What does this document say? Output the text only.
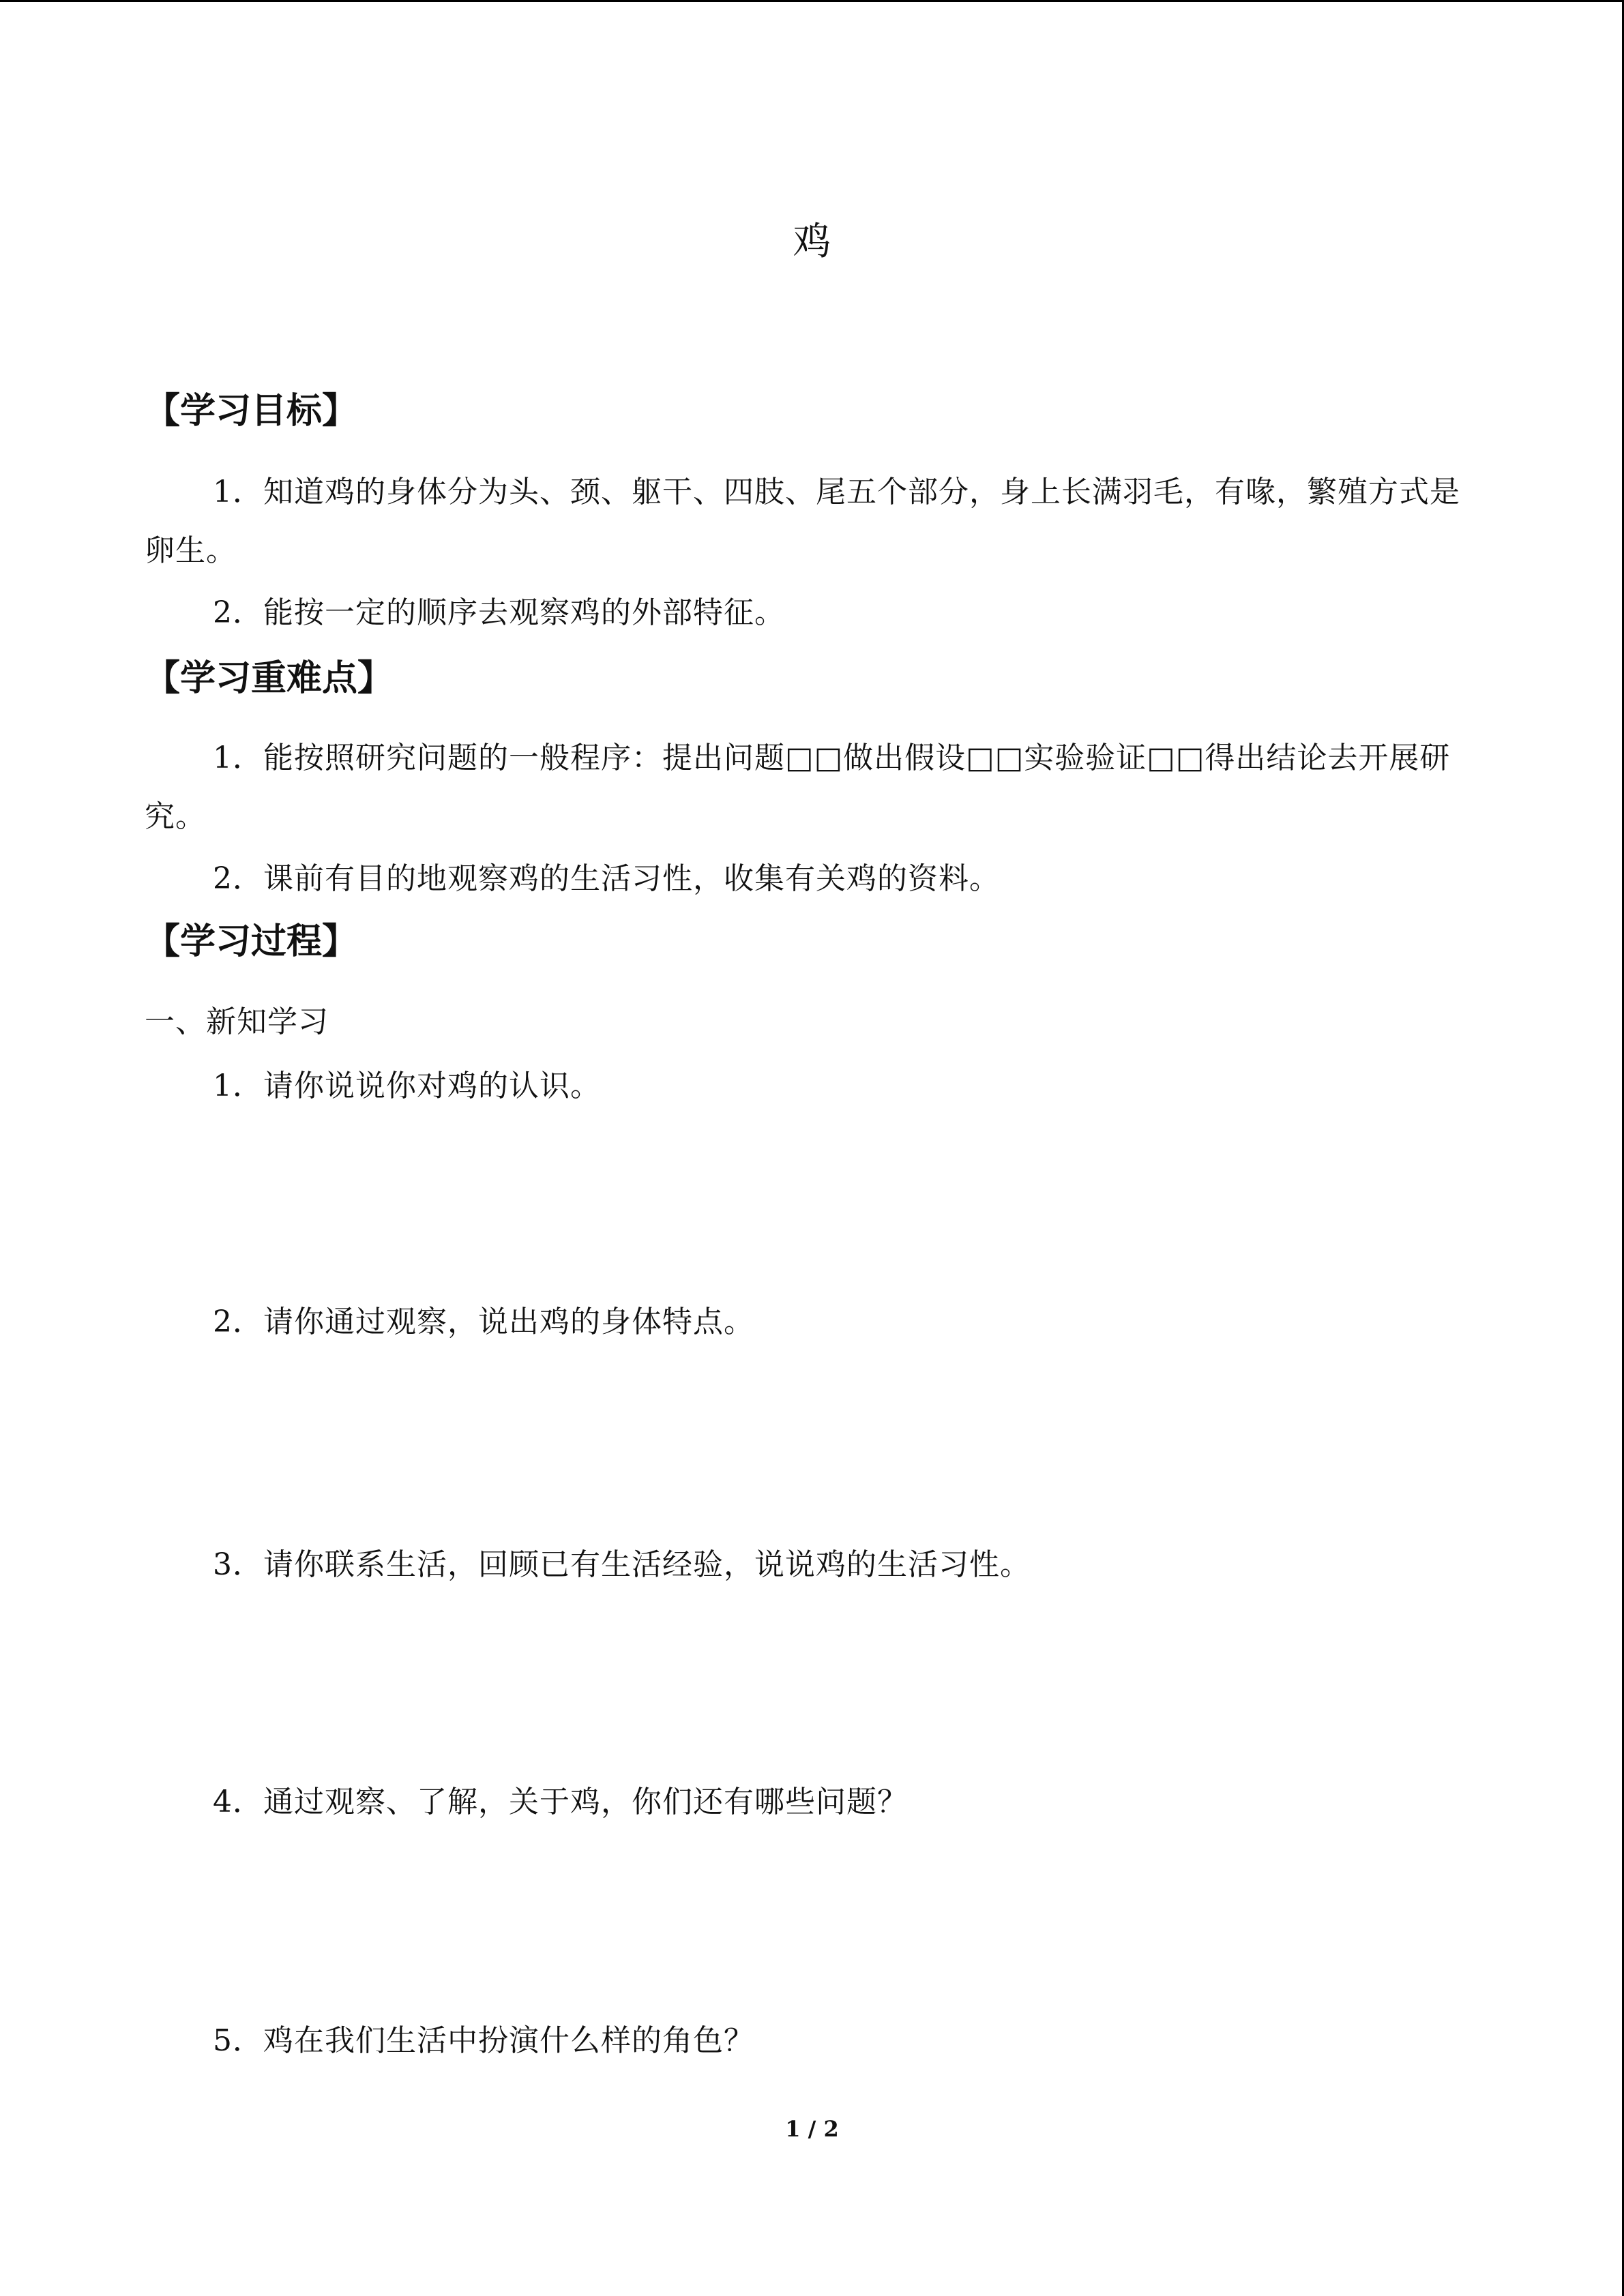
鸡
【学习目标】
1．知道鸡的身体分为头、颈、躯干、四肢、尾五个部分，身上长满羽毛，有喙，繁殖方式是卵生。
2．能按一定的顺序去观察鸡的外部特征。
【学习重难点】
1．能按照研究问题的一般程序：提出问题□□做出假设□□实验验证□□得出结论去开展研究。
2．课前有目的地观察鸡的生活习性，收集有关鸡的资料。
【学习过程】
一、新知学习
1．请你说说你对鸡的认识。
2．请你通过观察，说出鸡的身体特点。
3．请你联系生活，回顾已有生活经验，说说鸡的生活习性。
4．通过观察、了解，关于鸡，你们还有哪些问题？
5．鸡在我们生活中扮演什么样的角色？
1 / 2
